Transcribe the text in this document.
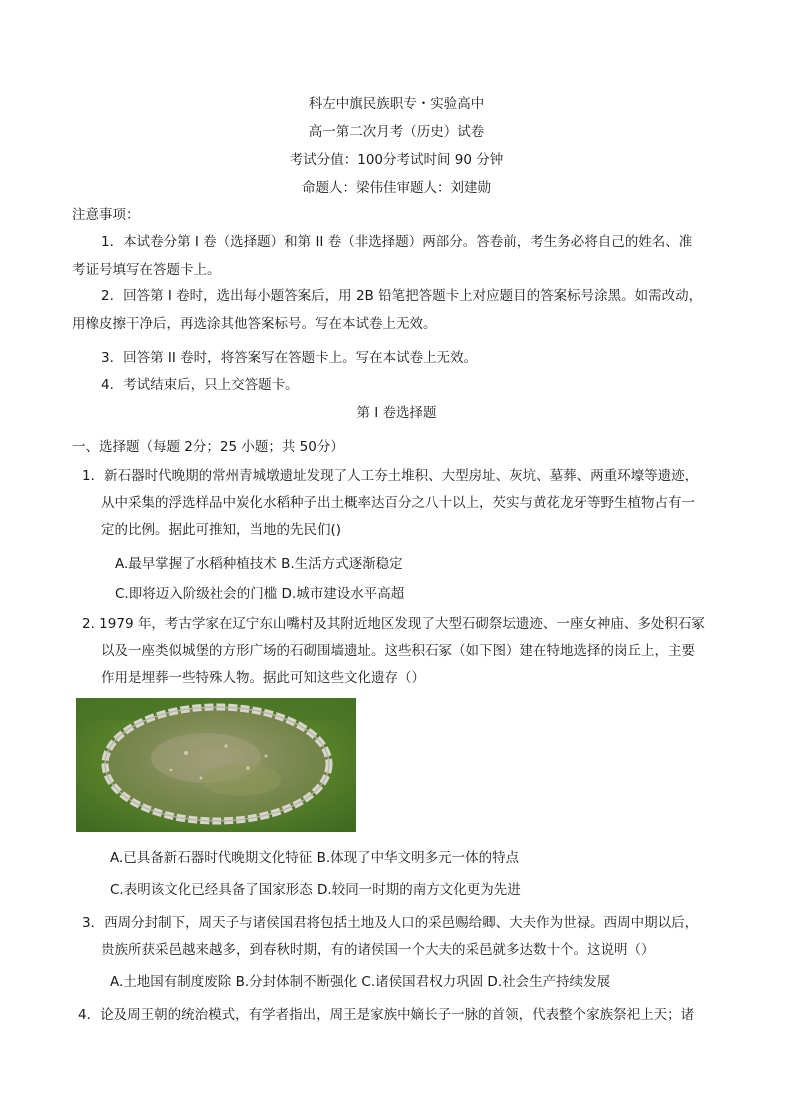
科左中旗民族职专・实验高中
高一第二次月考（历史）试卷
考试分值：100分考试时间 90 分钟
命题人：梁伟佳审题人：刘建勋
注意事项：
1．本试卷分第 I 卷（选择题）和第 II 卷（非选择题）两部分。答卷前，考生务必将自己的姓名、准
考证号填写在答题卡上。
2．回答第 I 卷时，选出每小题答案后，用 2B 铅笔把答题卡上对应题目的答案标号涂黑。如需改动，
用橡皮擦干净后，再选涂其他答案标号。写在本试卷上无效。
3．回答第 II 卷时，将答案写在答题卡上。写在本试卷上无效。
4．考试结束后，只上交答题卡。
第 I 卷选择题
一、选择题（每题 2分；25 小题；共 50分）
1．新石器时代晚期的常州青城墩遗址发现了人工夯土堆积、大型房址、灰坑、墓葬、两重环壕等遗迹，
从中采集的浮选样品中炭化水稻种子出土概率达百分之八十以上，芡实与黄花龙牙等野生植物占有一
定的比例。据此可推知，当地的先民们()
A.最早掌握了水稻种植技术 B.生活方式逐渐稳定
C.即将迈入阶级社会的门槛 D.城市建设水平高超
2. 1979 年，考古学家在辽宁东山嘴村及其附近地区发现了大型石砌祭坛遗迹、一座女神庙、多处积石冢
以及一座类似城堡的方形广场的石砌围墙遗址。这些积石冢（如下图）建在特地选择的岗丘上，主要
作用是埋葬一些特殊人物。据此可知这些文化遗存（）
A.已具备新石器时代晚期文化特征 B.体现了中华文明多元一体的特点
C.表明该文化已经具备了国家形态 D.较同一时期的南方文化更为先进
3．西周分封制下，周天子与诸侯国君将包括土地及人口的采邑赐给卿、大夫作为世禄。西周中期以后，
贵族所获采邑越来越多，到春秋时期，有的诸侯国一个大夫的采邑就多达数十个。这说明（）
A.土地国有制度废除 B.分封体制不断强化 C.诸侯国君权力巩固 D.社会生产持续发展
4．论及周王朝的统治模式，有学者指出，周王是家族中嫡长子一脉的首领，代表整个家族祭祀上天；诸
